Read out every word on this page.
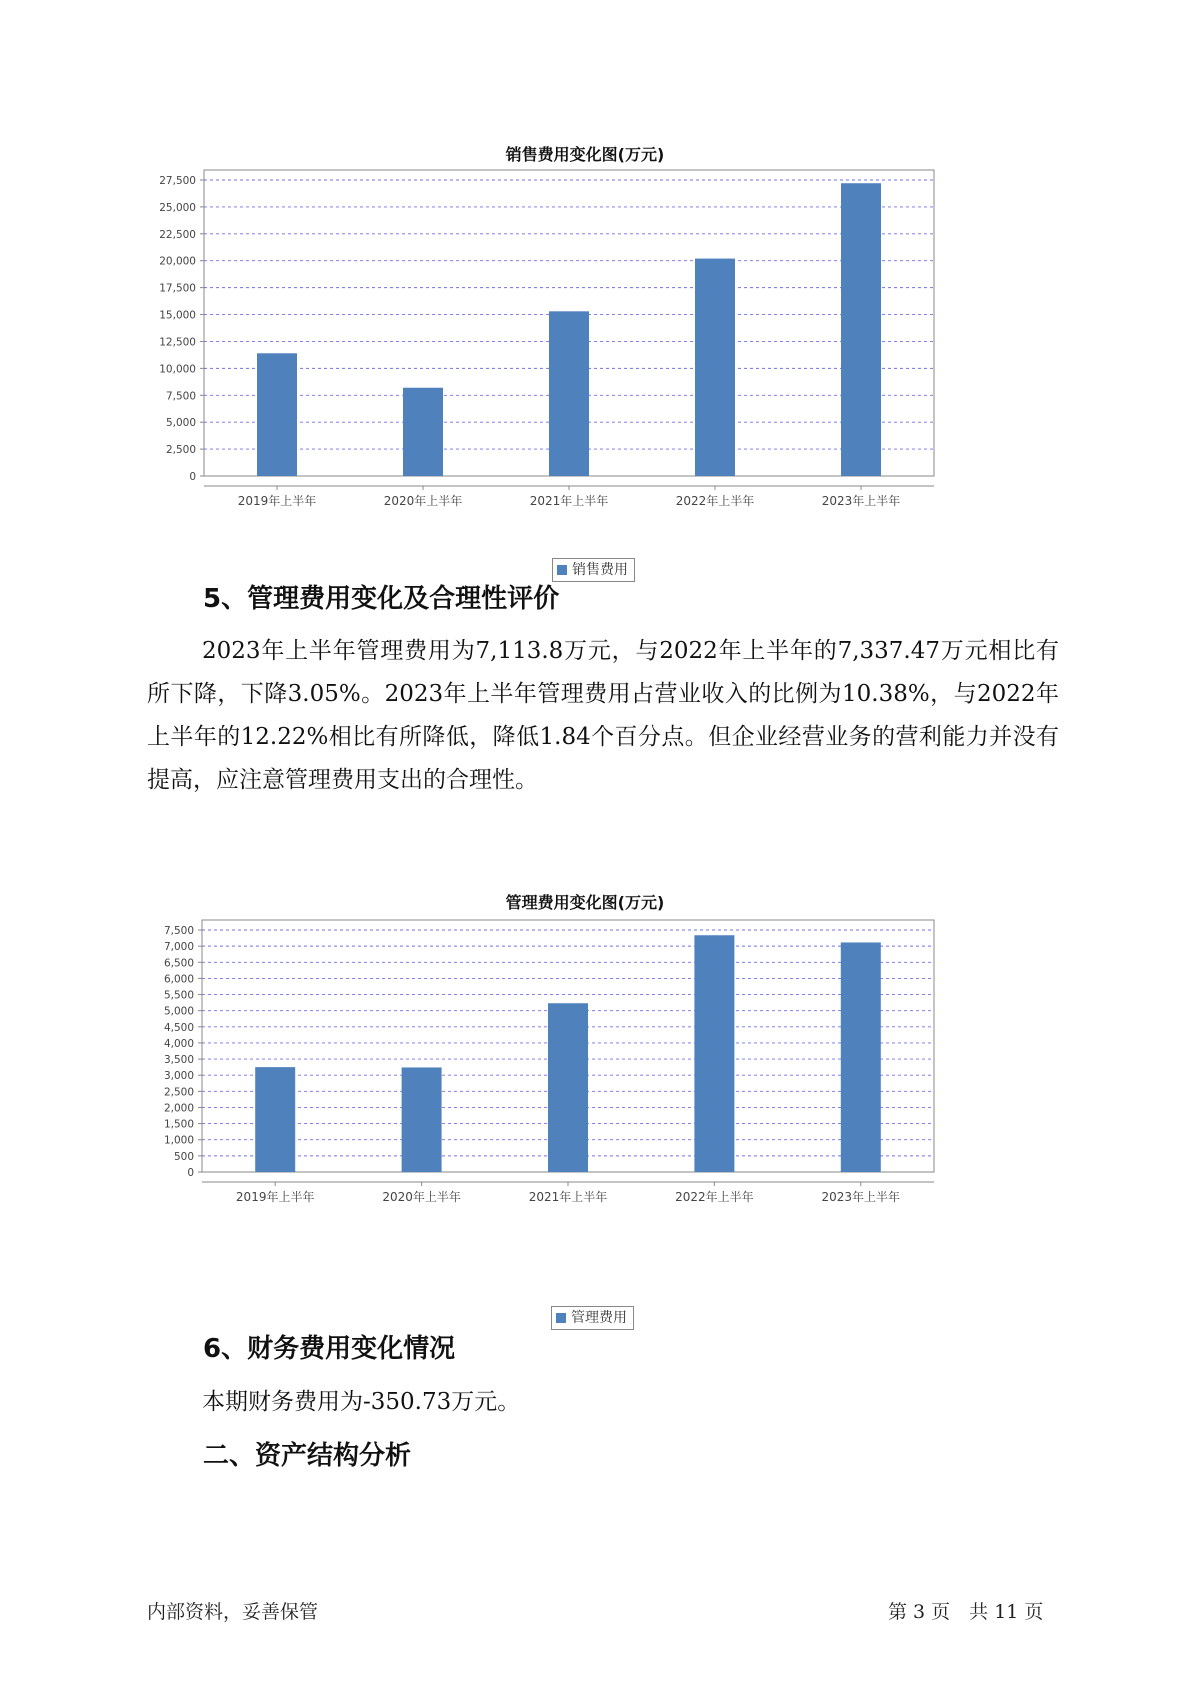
销售费用变化图(万元)
0
2,500
5,000
7,500
10,000
12,500
15,000
17,500
20,000
22,500
25,000
27,500
2019年上半年	2020年上半年	2021年上半年	2022年上半年	2023年上半年
销售费用
5、管理费用变化及合理性评价

2023年上半年管理费用为7,113.8万元，与2022年上半年的7,337.47万元相比有所下降，下降3.05%。2023年上半年管理费用占营业收入的比例为10.38%，与2022年上半年的12.22%相比有所降低，降低1.84个百分点。但企业经营业务的营利能力并没有提高，应注意管理费用支出的合理性。

管理费用变化图(万元)
0
500
1,000
1,500
2,000
2,500
3,000
3,500
4,000
4,500
5,000
5,500
6,000
6,500
7,000
7,500
2019年上半年	2020年上半年	2021年上半年	2022年上半年	2023年上半年
管理费用
6、财务费用变化情况

本期财务费用为-350.73万元。

二、资产结构分析
内部资料，妥善保管	第 3 页　共 11 页
